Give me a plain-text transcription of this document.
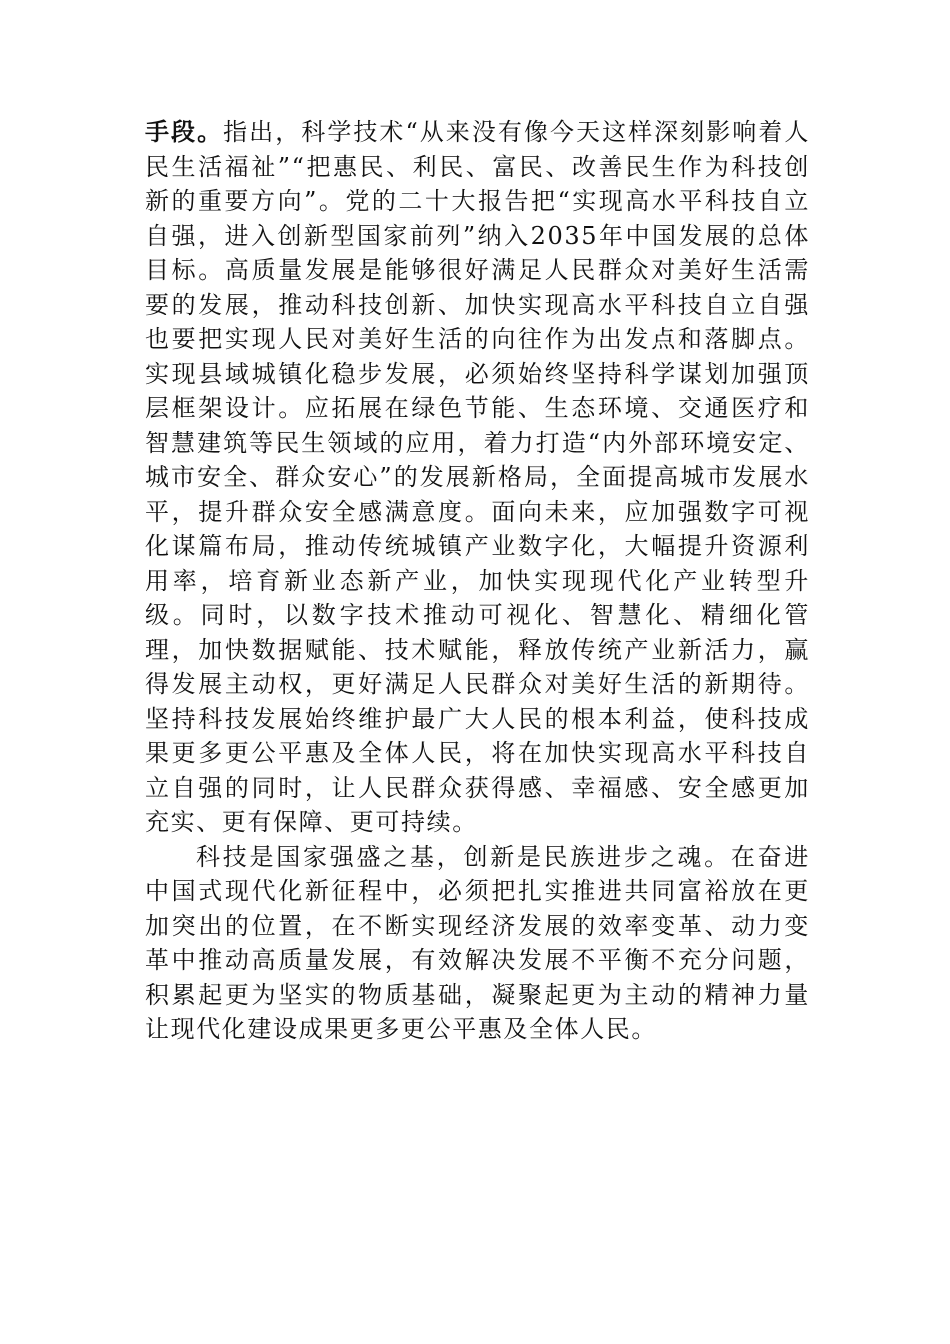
手段。指出，科学技术“从来没有像今天这样深刻影响着人民生活福祉”“把惠民、利民、富民、改善民生作为科技创新的重要方向”。党的二十大报告把“实现高水平科技自立自强，进入创新型国家前列”纳入2035年中国发展的总体目标。高质量发展是能够很好满足人民群众对美好生活需要的发展，推动科技创新、加快实现高水平科技自立自强也要把实现人民对美好生活的向往作为出发点和落脚点。实现县域城镇化稳步发展，必须始终坚持科学谋划加强顶层框架设计。应拓展在绿色节能、生态环境、交通医疗和智慧建筑等民生领域的应用，着力打造“内外部环境安定、城市安全、群众安心”的发展新格局，全面提高城市发展水平，提升群众安全感满意度。面向未来，应加强数字可视化谋篇布局，推动传统城镇产业数字化，大幅提升资源利用率，培育新业态新产业，加快实现现代化产业转型升级。同时，以数字技术推动可视化、智慧化、精细化管理，加快数据赋能、技术赋能，释放传统产业新活力，赢得发展主动权，更好满足人民群众对美好生活的新期待。坚持科技发展始终维护最广大人民的根本利益，使科技成果更多更公平惠及全体人民，将在加快实现高水平科技自立自强的同时，让人民群众获得感、幸福感、安全感更加充实、更有保障、更可持续。

科技是国家强盛之基，创新是民族进步之魂。在奋进中国式现代化新征程中，必须把扎实推进共同富裕放在更加突出的位置，在不断实现经济发展的效率变革、动力变革中推动高质量发展，有效解决发展不平衡不充分问题，积累起更为坚实的物质基础，凝聚起更为主动的精神力量让现代化建设成果更多更公平惠及全体人民。
